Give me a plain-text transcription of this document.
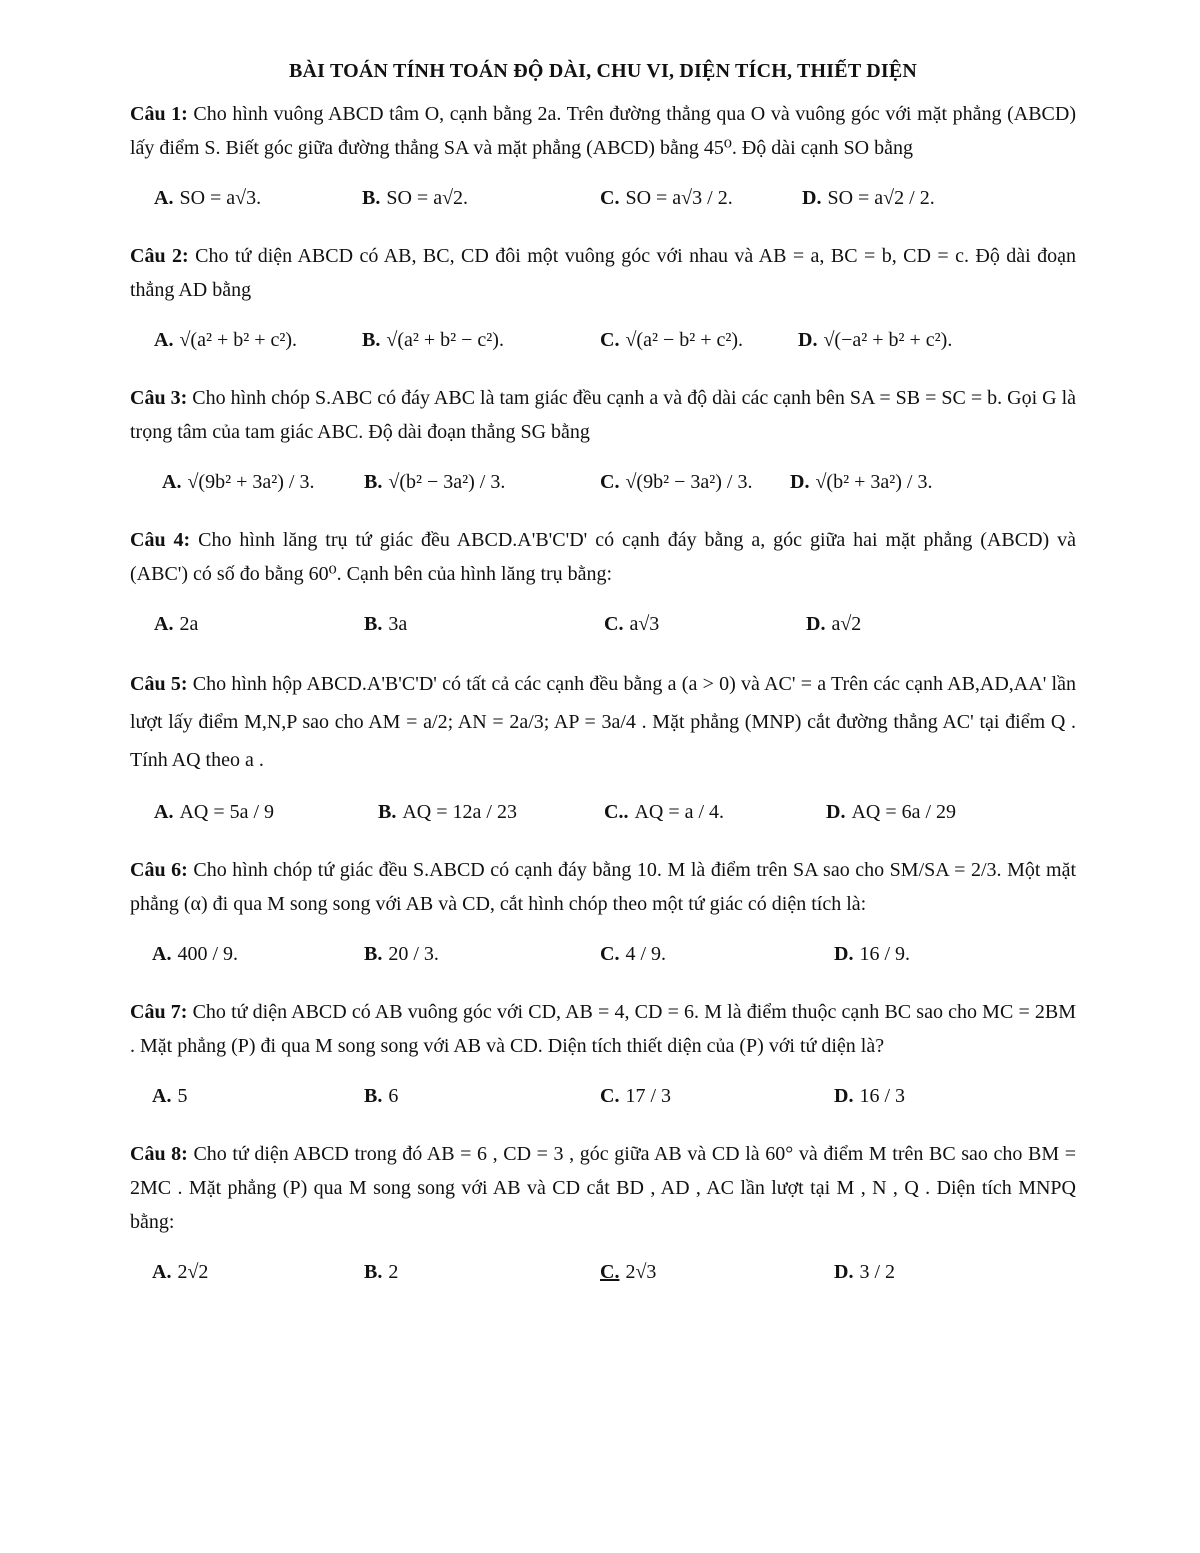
BÀI TOÁN TÍNH TOÁN ĐỘ DÀI, CHU VI, DIỆN TÍCH, THIẾT DIỆN

Câu 1: Cho hình vuông ABCD tâm O, cạnh bằng 2a. Trên đường thẳng qua O và vuông góc với mặt phẳng (ABCD) lấy điểm S. Biết góc giữa đường thẳng SA và mặt phẳng (ABCD) bằng 45⁰. Độ dài cạnh SO bằng

A. SO = a√3.	B. SO = a√2.	C. SO = a√3 / 2.	D. SO = a√2 / 2.

Câu 2: Cho tứ diện ABCD có AB, BC, CD đôi một vuông góc với nhau và AB = a, BC = b, CD = c. Độ dài đoạn thẳng AD bằng

A. √(a² + b² + c²).	B. √(a² + b² − c²).	C. √(a² − b² + c²).	D. √(−a² + b² + c²).

Câu 3: Cho hình chóp S.ABC có đáy ABC là tam giác đều cạnh a và độ dài các cạnh bên SA = SB = SC = b. Gọi G là trọng tâm của tam giác ABC. Độ dài đoạn thẳng SG bằng

A. √(9b² + 3a²) / 3. B. √(b² − 3a²) / 3.	C. √(9b² − 3a²) / 3. D. √(b² + 3a²) / 3.

Câu 4: Cho hình lăng trụ tứ giác đều ABCD.A'B'C'D' có cạnh đáy bằng a, góc giữa hai mặt phẳng (ABCD) và (ABC') có số đo bằng 60⁰. Cạnh bên của hình lăng trụ bằng:

A. 2a	B. 3a	C. a√3	D. a√2

Câu 5: Cho hình hộp ABCD.A'B'C'D' có tất cả các cạnh đều bằng a (a > 0) và AC' = a Trên các cạnh AB,AD,AA' lần lượt lấy điểm M,N,P sao cho AM = a/2; AN = 2a/3; AP = 3a/4 . Mặt phẳng (MNP) cắt đường thẳng AC' tại điểm Q . Tính AQ theo a .

A. AQ = 5a / 9	B. AQ = 12a / 23	C.. AQ = a / 4.	D. AQ = 6a / 29

Câu 6: Cho hình chóp tứ giác đều S.ABCD có cạnh đáy bằng 10. M là điểm trên SA sao cho SM/SA = 2/3. Một mặt phẳng (α) đi qua M song song với AB và CD, cắt hình chóp theo một tứ giác có diện tích là:

A. 400 / 9.	B. 20 / 3.	C. 4 / 9.	D. 16 / 9.

Câu 7: Cho tứ diện ABCD có AB vuông góc với CD, AB = 4, CD = 6. M là điểm thuộc cạnh BC sao cho MC = 2BM . Mặt phẳng (P) đi qua M song song với AB và CD. Diện tích thiết diện của (P) với tứ diện là?

A. 5	B. 6	C. 17 / 3	D. 16 / 3

Câu 8: Cho tứ diện ABCD trong đó AB = 6 , CD = 3 , góc giữa AB và CD là 60° và điểm M trên BC sao cho BM = 2MC . Mặt phẳng (P) qua M song song với AB và CD cắt BD , AD , AC lần lượt tại M , N , Q . Diện tích MNPQ bằng:

A. 2√2	B. 2	C. 2√3	D. 3 / 2
